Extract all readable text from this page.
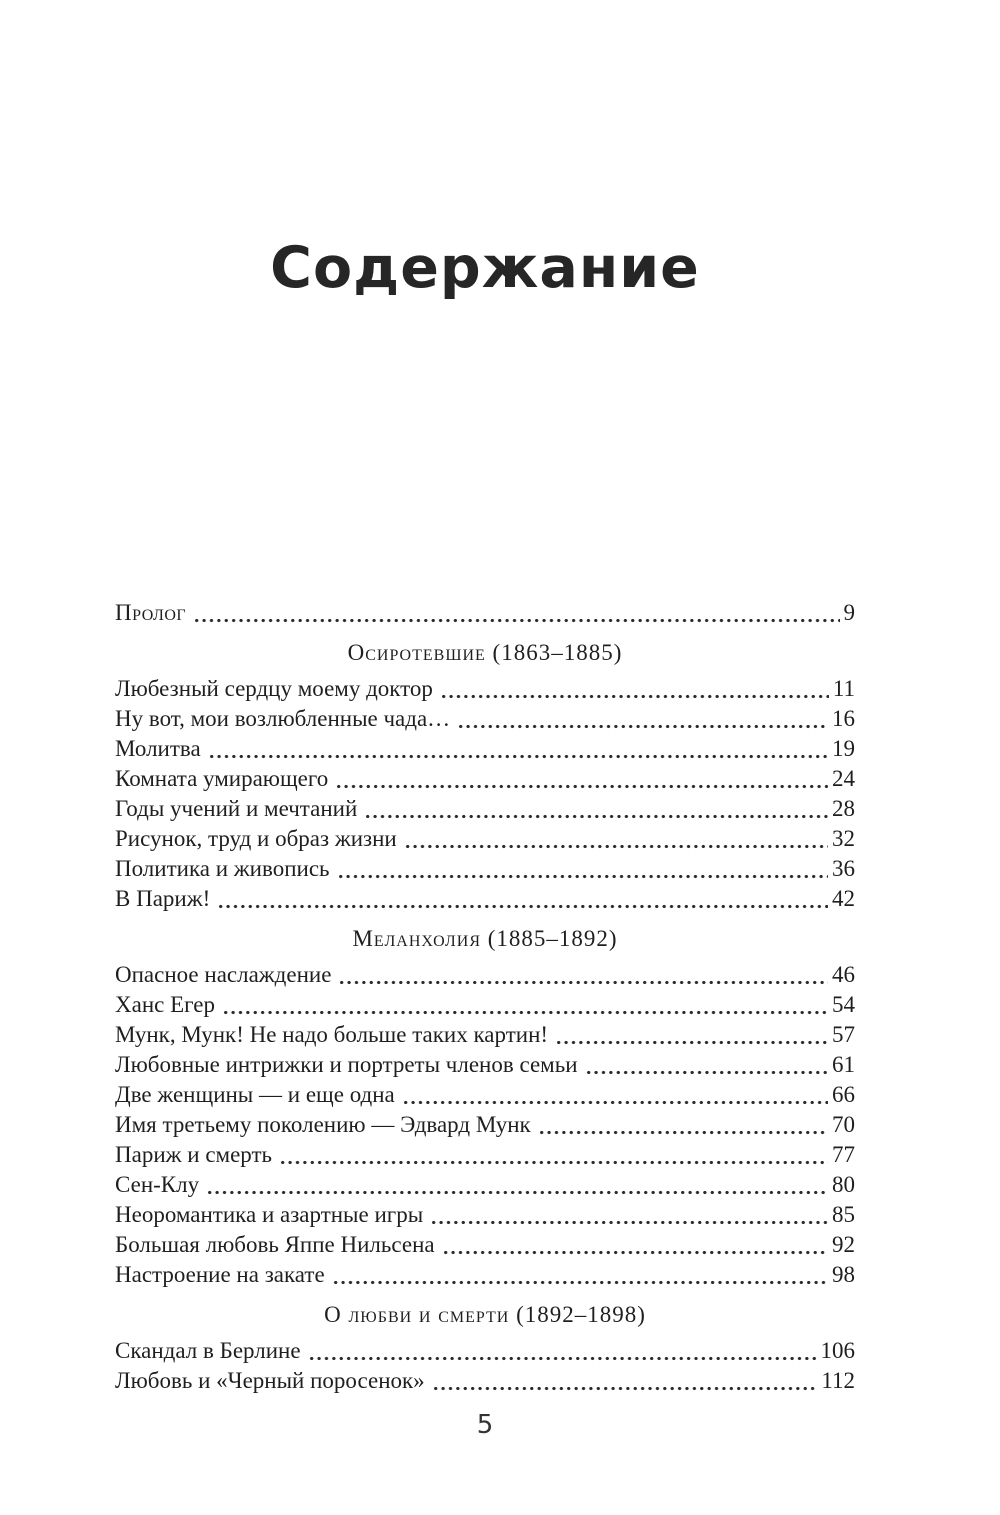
Содержание
Пролог	9
Осиротевшие (1863–1885)
Любезный сердцу моему доктор	11
Ну вот, мои возлюбленные чада…	16
Молитва	19
Комната умирающего	24
Годы учений и мечтаний	28
Рисунок, труд и образ жизни	32
Политика и живопись	36
В Париж!	42
Меланхолия (1885–1892)
Опасное наслаждение	46
Ханс Егер	54
Мунк, Мунк! Не надо больше таких картин!	57
Любовные интрижки и портреты членов семьи	61
Две женщины — и еще одна	66
Имя третьему поколению — Эдвард Мунк	70
Париж и смерть	77
Сен-Клу	80
Неоромантика и азартные игры	85
Большая любовь Яппе Нильсена	92
Настроение на закате	98
О любви и смерти (1892–1898)
Скандал в Берлине	106
Любовь и «Черный поросенок»	112
5
